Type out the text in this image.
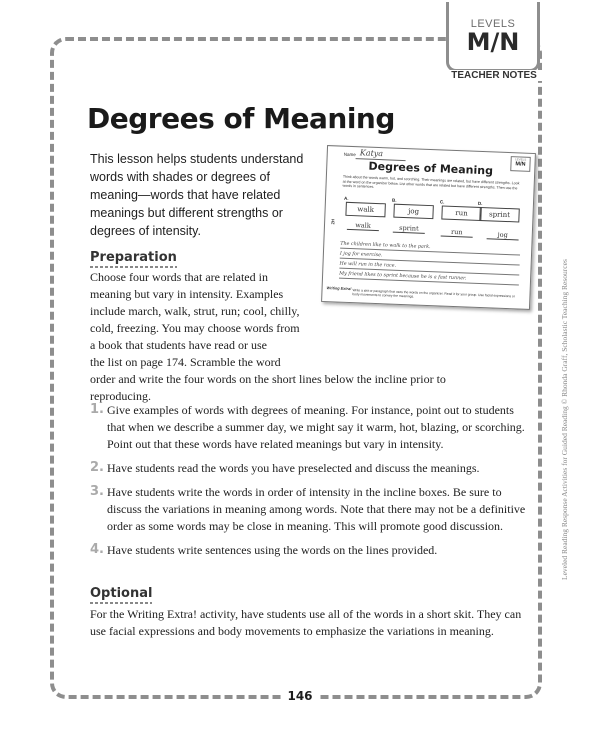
LEVELS
M/N
TEACHER NOTES
Degrees of Meaning

This lesson helps students understand words with shades or degrees of meaning—words that have related meanings but different strengths or degrees of intensity.

Name Katya
LEVELS
M/N
Degrees of Meaning
Think about the words warm, hot, and scorching. Their meanings are related, but have different strengths. Look at the word on the organizer below. List other words that are related but have different strengths. Then use the words in sentences.
A.
walk
B.
jog
C.
run
D.
sprint
ZH	walk	sprint	run	jog
The children like to walk to the park.
I jog for exercise.
He will run in the race.
My friend likes to sprint because he is a fast runner.
Writing Extra! Write a skit or paragraph that uses the words on the organizer. Read it for your group. Use facial expressions or body movements to convey the meanings.
Preparation

Choose four words that are related in

meaning but vary in intensity. Examples

include march, walk, strut, run; cool, chilly,

cold, freezing. You may choose words from

a book that students have read or use

the list on page 174. Scramble the word

order and write the four words on the short lines below the incline prior to

reproducing.

1. Give examples of words with degrees of meaning. For instance, point out to students that when we describe a summer day, we might say it warm, hot, blazing, or scorching. Point out that these words have related meanings but vary in intensity.
2. Have students read the words you have preselected and discuss the meanings.
3. Have students write the words in order of intensity in the incline boxes. Be sure to discuss the variations in meaning among words. Note that there may not be a definitive order as some words may be close in meaning. This will promote good discussion.
4. Have students write sentences using the words on the lines provided.
Optional

For the Writing Extra! activity, have students use all of the words in a short skit. They can use facial expressions and body movements to emphasize the variations in meaning.

Leveled Reading Response Activities for Guided Reading © Rhonda Graff, Scholastic Teaching Resources
146
